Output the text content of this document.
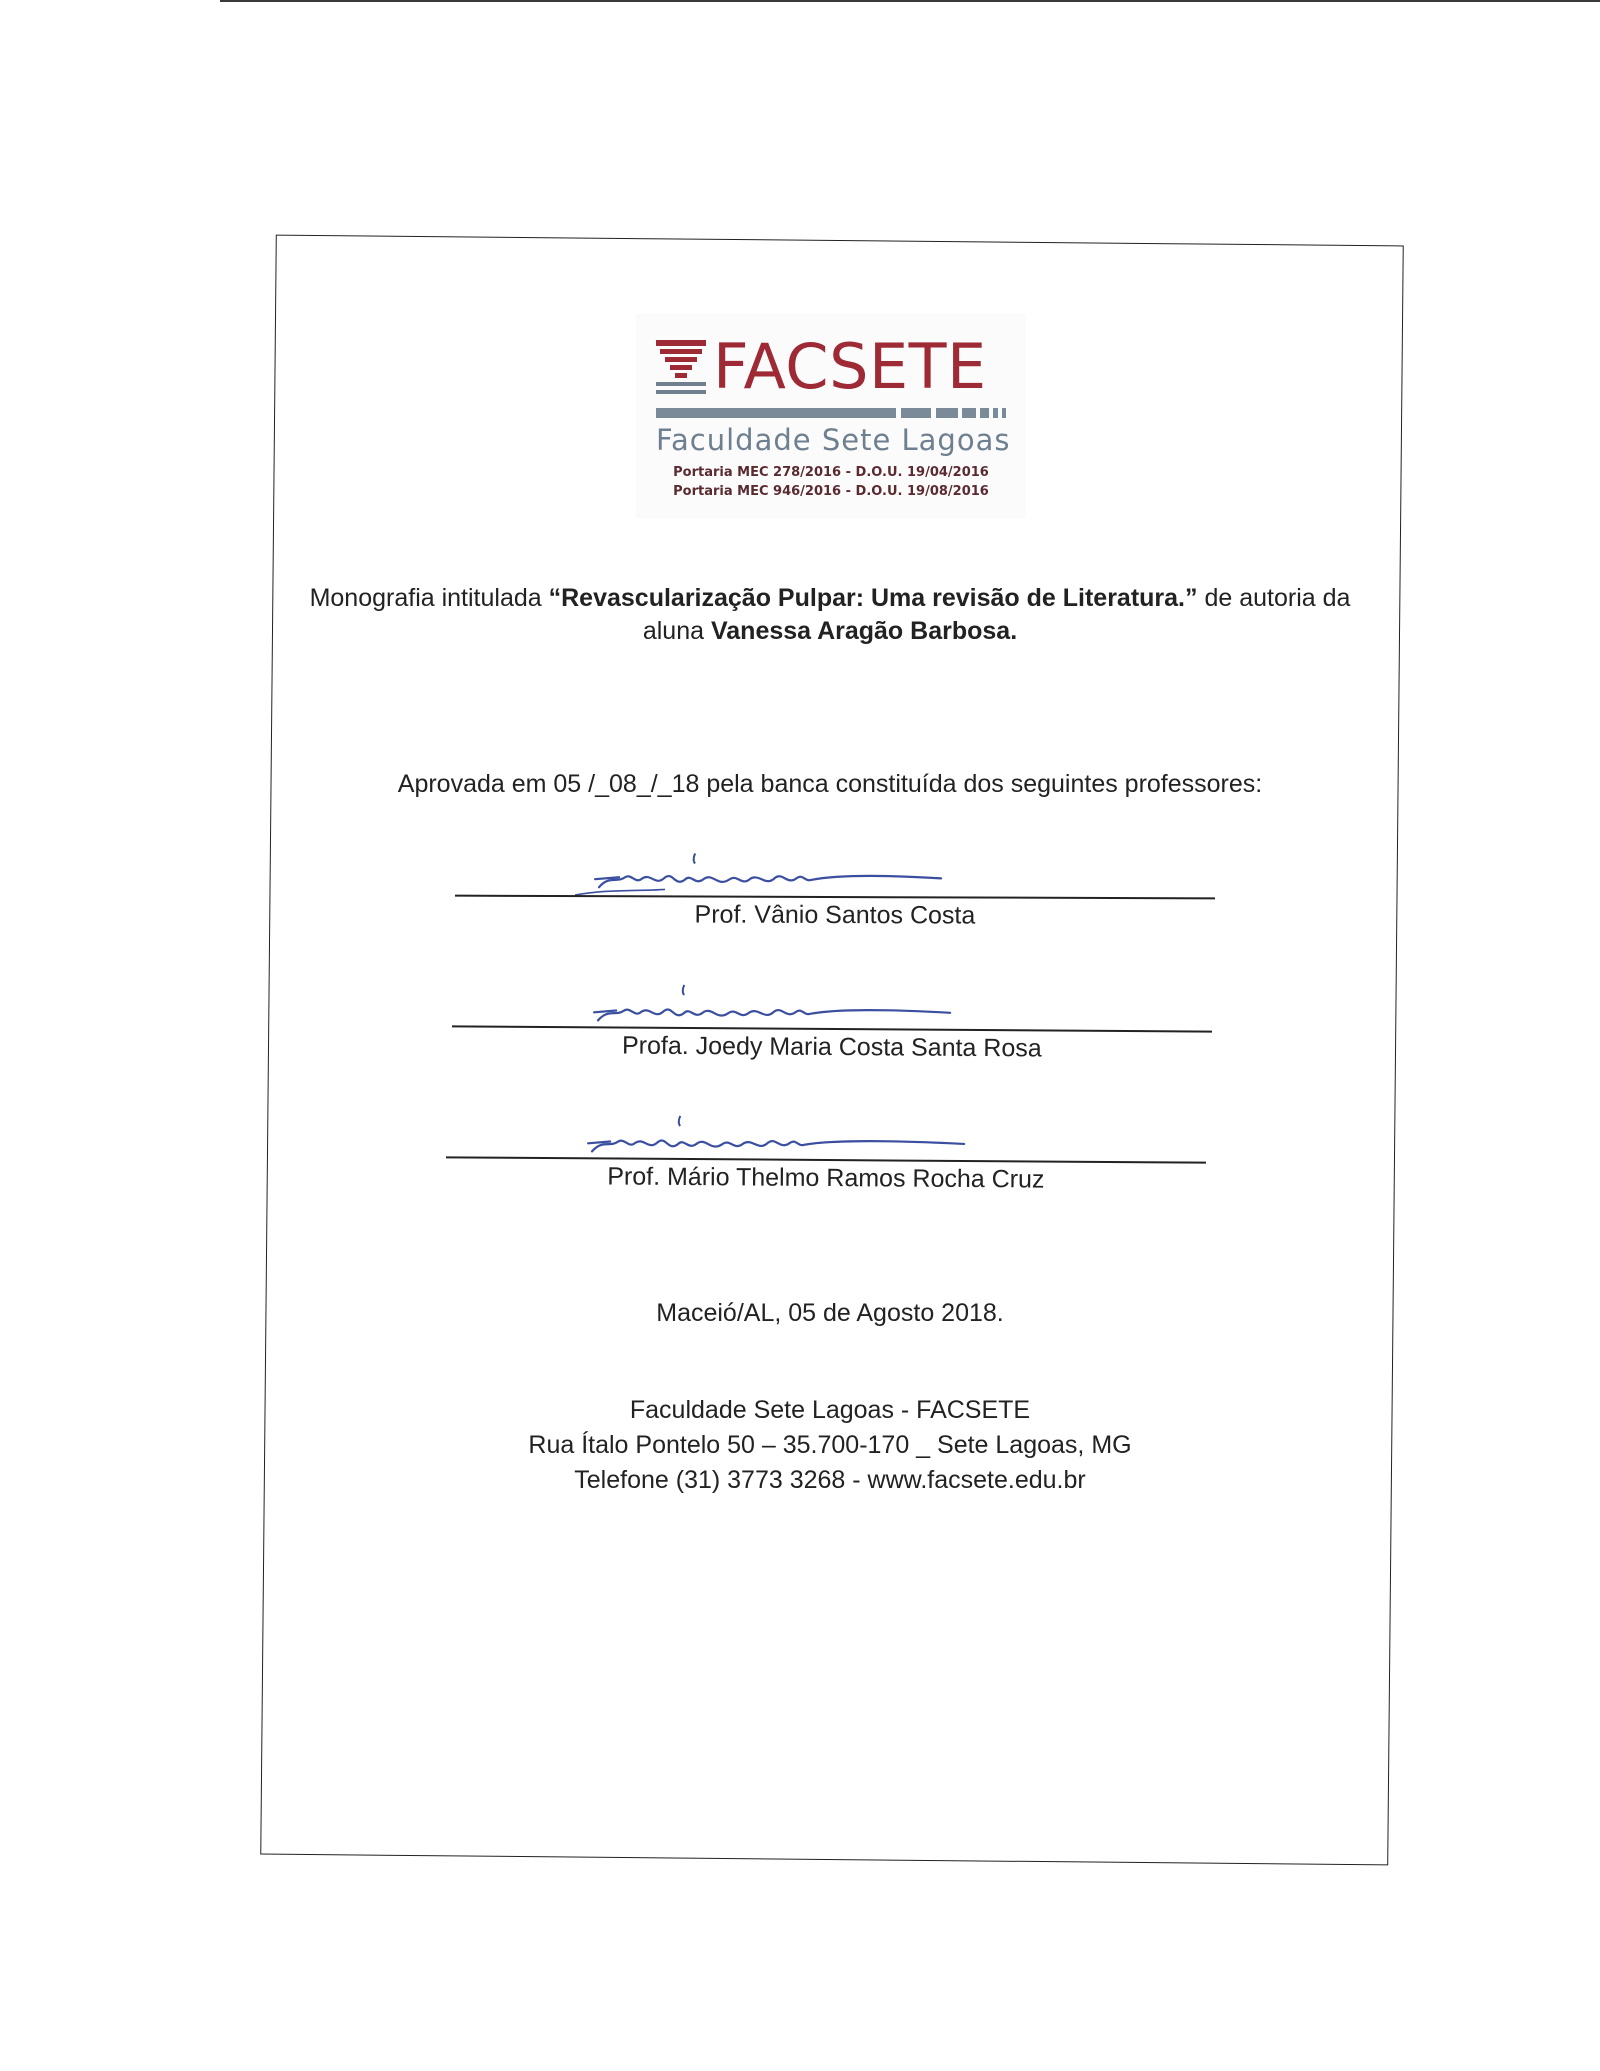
FACSETE
Faculdade Sete Lagoas
Portaria MEC 278/2016 - D.O.U. 19/04/2016
Portaria MEC 946/2016 - D.O.U. 19/08/2016
Monografia intitulada “Revascularização Pulpar: Uma revisão de Literatura.” de autoria da aluna Vanessa Aragão Barbosa.
Aprovada em 05 /_08_/_18 pela banca constituída dos seguintes professores:
Prof. Vânio Santos Costa
Profa. Joedy Maria Costa Santa Rosa
Prof. Mário Thelmo Ramos Rocha Cruz
Maceió/AL, 05 de Agosto 2018.
Faculdade Sete Lagoas - FACSETE
Rua Ítalo Pontelo 50 – 35.700-170 _ Sete Lagoas, MG
Telefone (31) 3773 3268 - www.facsete.edu.br
